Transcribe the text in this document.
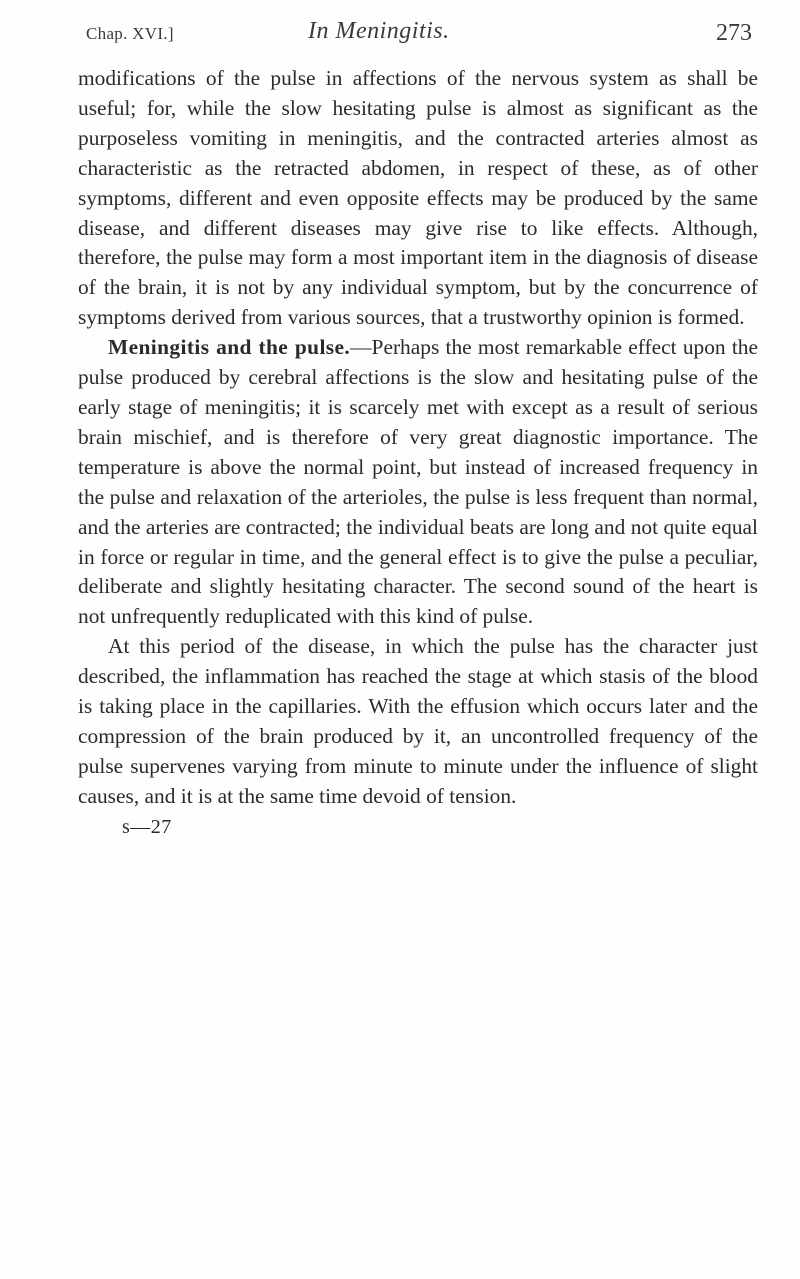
Chap. XVI.]	In Meningitis.	273

modifications of the pulse in affections of the nervous system as shall be useful; for, while the slow hesitating pulse is almost as significant as the purposeless vomiting in meningitis, and the contracted arteries almost as characteristic as the retracted abdomen, in respect of these, as of other symptoms, different and even opposite effects may be produced by the same disease, and different diseases may give rise to like effects. Although, therefore, the pulse may form a most important item in the diagnosis of disease of the brain, it is not by any individual symptom, but by the concurrence of symptoms derived from various sources, that a trustworthy opinion is formed.

Meningitis and the pulse.—Perhaps the most remarkable effect upon the pulse produced by cerebral affections is the slow and hesitating pulse of the early stage of meningitis; it is scarcely met with except as a result of serious brain mischief, and is therefore of very great diagnostic importance. The temperature is above the normal point, but instead of increased frequency in the pulse and relaxation of the arterioles, the pulse is less frequent than normal, and the arteries are contracted; the individual beats are long and not quite equal in force or regular in time, and the general effect is to give the pulse a peculiar, deliberate and slightly hesitating character. The second sound of the heart is not unfrequently reduplicated with this kind of pulse.

At this period of the disease, in which the pulse has the character just described, the inflammation has reached the stage at which stasis of the blood is taking place in the capillaries. With the effusion which occurs later and the compression of the brain produced by it, an uncontrolled frequency of the pulse supervenes varying from minute to minute under the influence of slight causes, and it is at the same time devoid of tension.

s—27
